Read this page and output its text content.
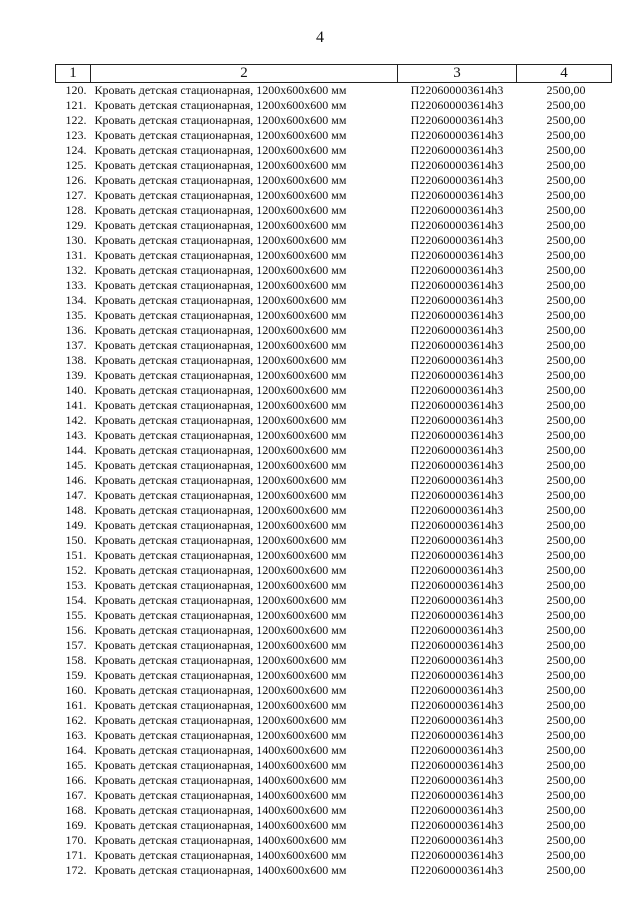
4
1	2	3	4
120.	Кровать детская стационарная, 1200x600x600 мм	П220600003614h3	2500,00
121.	Кровать детская стационарная, 1200x600x600 мм	П220600003614h3	2500,00
122.	Кровать детская стационарная, 1200x600x600 мм	П220600003614h3	2500,00
123.	Кровать детская стационарная, 1200x600x600 мм	П220600003614h3	2500,00
124.	Кровать детская стационарная, 1200x600x600 мм	П220600003614h3	2500,00
125.	Кровать детская стационарная, 1200x600x600 мм	П220600003614h3	2500,00
126.	Кровать детская стационарная, 1200x600x600 мм	П220600003614h3	2500,00
127.	Кровать детская стационарная, 1200x600x600 мм	П220600003614h3	2500,00
128.	Кровать детская стационарная, 1200x600x600 мм	П220600003614h3	2500,00
129.	Кровать детская стационарная, 1200x600x600 мм	П220600003614h3	2500,00
130.	Кровать детская стационарная, 1200x600x600 мм	П220600003614h3	2500,00
131.	Кровать детская стационарная, 1200x600x600 мм	П220600003614h3	2500,00
132.	Кровать детская стационарная, 1200x600x600 мм	П220600003614h3	2500,00
133.	Кровать детская стационарная, 1200x600x600 мм	П220600003614h3	2500,00
134.	Кровать детская стационарная, 1200x600x600 мм	П220600003614h3	2500,00
135.	Кровать детская стационарная, 1200x600x600 мм	П220600003614h3	2500,00
136.	Кровать детская стационарная, 1200x600x600 мм	П220600003614h3	2500,00
137.	Кровать детская стационарная, 1200x600x600 мм	П220600003614h3	2500,00
138.	Кровать детская стационарная, 1200x600x600 мм	П220600003614h3	2500,00
139.	Кровать детская стационарная, 1200x600x600 мм	П220600003614h3	2500,00
140.	Кровать детская стационарная, 1200x600x600 мм	П220600003614h3	2500,00
141.	Кровать детская стационарная, 1200x600x600 мм	П220600003614h3	2500,00
142.	Кровать детская стационарная, 1200x600x600 мм	П220600003614h3	2500,00
143.	Кровать детская стационарная, 1200x600x600 мм	П220600003614h3	2500,00
144.	Кровать детская стационарная, 1200x600x600 мм	П220600003614h3	2500,00
145.	Кровать детская стационарная, 1200x600x600 мм	П220600003614h3	2500,00
146.	Кровать детская стационарная, 1200x600x600 мм	П220600003614h3	2500,00
147.	Кровать детская стационарная, 1200x600x600 мм	П220600003614h3	2500,00
148.	Кровать детская стационарная, 1200x600x600 мм	П220600003614h3	2500,00
149.	Кровать детская стационарная, 1200x600x600 мм	П220600003614h3	2500,00
150.	Кровать детская стационарная, 1200x600x600 мм	П220600003614h3	2500,00
151.	Кровать детская стационарная, 1200x600x600 мм	П220600003614h3	2500,00
152.	Кровать детская стационарная, 1200x600x600 мм	П220600003614h3	2500,00
153.	Кровать детская стационарная, 1200x600x600 мм	П220600003614h3	2500,00
154.	Кровать детская стационарная, 1200x600x600 мм	П220600003614h3	2500,00
155.	Кровать детская стационарная, 1200x600x600 мм	П220600003614h3	2500,00
156.	Кровать детская стационарная, 1200x600x600 мм	П220600003614h3	2500,00
157.	Кровать детская стационарная, 1200x600x600 мм	П220600003614h3	2500,00
158.	Кровать детская стационарная, 1200x600x600 мм	П220600003614h3	2500,00
159.	Кровать детская стационарная, 1200x600x600 мм	П220600003614h3	2500,00
160.	Кровать детская стационарная, 1200x600x600 мм	П220600003614h3	2500,00
161.	Кровать детская стационарная, 1200x600x600 мм	П220600003614h3	2500,00
162.	Кровать детская стационарная, 1200x600x600 мм	П220600003614h3	2500,00
163.	Кровать детская стационарная, 1200x600x600 мм	П220600003614h3	2500,00
164.	Кровать детская стационарная, 1400x600x600 мм	П220600003614h3	2500,00
165.	Кровать детская стационарная, 1400x600x600 мм	П220600003614h3	2500,00
166.	Кровать детская стационарная, 1400x600x600 мм	П220600003614h3	2500,00
167.	Кровать детская стационарная, 1400x600x600 мм	П220600003614h3	2500,00
168.	Кровать детская стационарная, 1400x600x600 мм	П220600003614h3	2500,00
169.	Кровать детская стационарная, 1400x600x600 мм	П220600003614h3	2500,00
170.	Кровать детская стационарная, 1400x600x600 мм	П220600003614h3	2500,00
171.	Кровать детская стационарная, 1400x600x600 мм	П220600003614h3	2500,00
172.	Кровать детская стационарная, 1400x600x600 мм	П220600003614h3	2500,00
